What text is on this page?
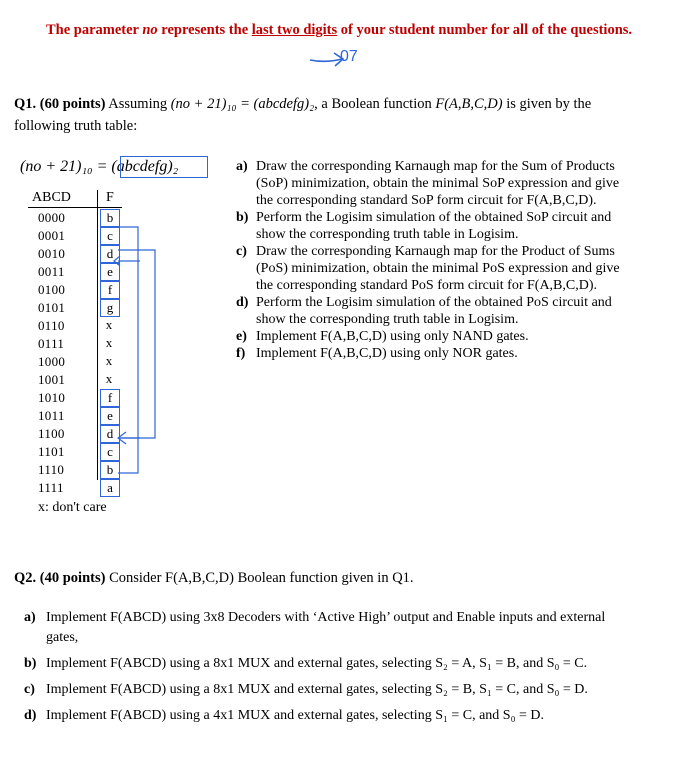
The parameter no represents the last two digits of your student number for all of the questions.
07
Q1. (60 points) Assuming (no + 21)₁₀ = (abcdefg)₂, a Boolean function F(A,B,C,D) is given by the
following truth table:
(no + 21)₁₀ = (abcdefg)₂
ABCD	F
0000	b
0001	c
0010	d
0011	e
0100	f
0101	g
0110	x
0111	x
1000	x
1001	x
1010	f
1011	e
1100	d
1101	c
1110	b
1111	a
x: don't care
a) Draw the corresponding Karnaugh map for the Sum of Products
(SoP) minimization, obtain the minimal SoP expression and give
the corresponding standard SoP form circuit for F(A,B,C,D).
b) Perform the Logisim simulation of the obtained SoP circuit and
show the corresponding truth table in Logisim.
c) Draw the corresponding Karnaugh map for the Product of Sums
(PoS) minimization, obtain the minimal PoS expression and give
the corresponding standard PoS form circuit for F(A,B,C,D).
d) Perform the Logisim simulation of the obtained PoS circuit and
show the corresponding truth table in Logisim.
e) Implement F(A,B,C,D) using only NAND gates.
f) Implement F(A,B,C,D) using only NOR gates.
Q2. (40 points) Consider F(A,B,C,D) Boolean function given in Q1.
a) Implement F(ABCD) using 3x8 Decoders with ‘Active High’ output and Enable inputs and external
gates,
b) Implement F(ABCD) using a 8x1 MUX and external gates, selecting S₂ = A, S₁ = B, and S₀ = C.
c) Implement F(ABCD) using a 8x1 MUX and external gates, selecting S₂ = B, S₁ = C, and S₀ = D.
d) Implement F(ABCD) using a 4x1 MUX and external gates, selecting S₁ = C, and S₀ = D.
